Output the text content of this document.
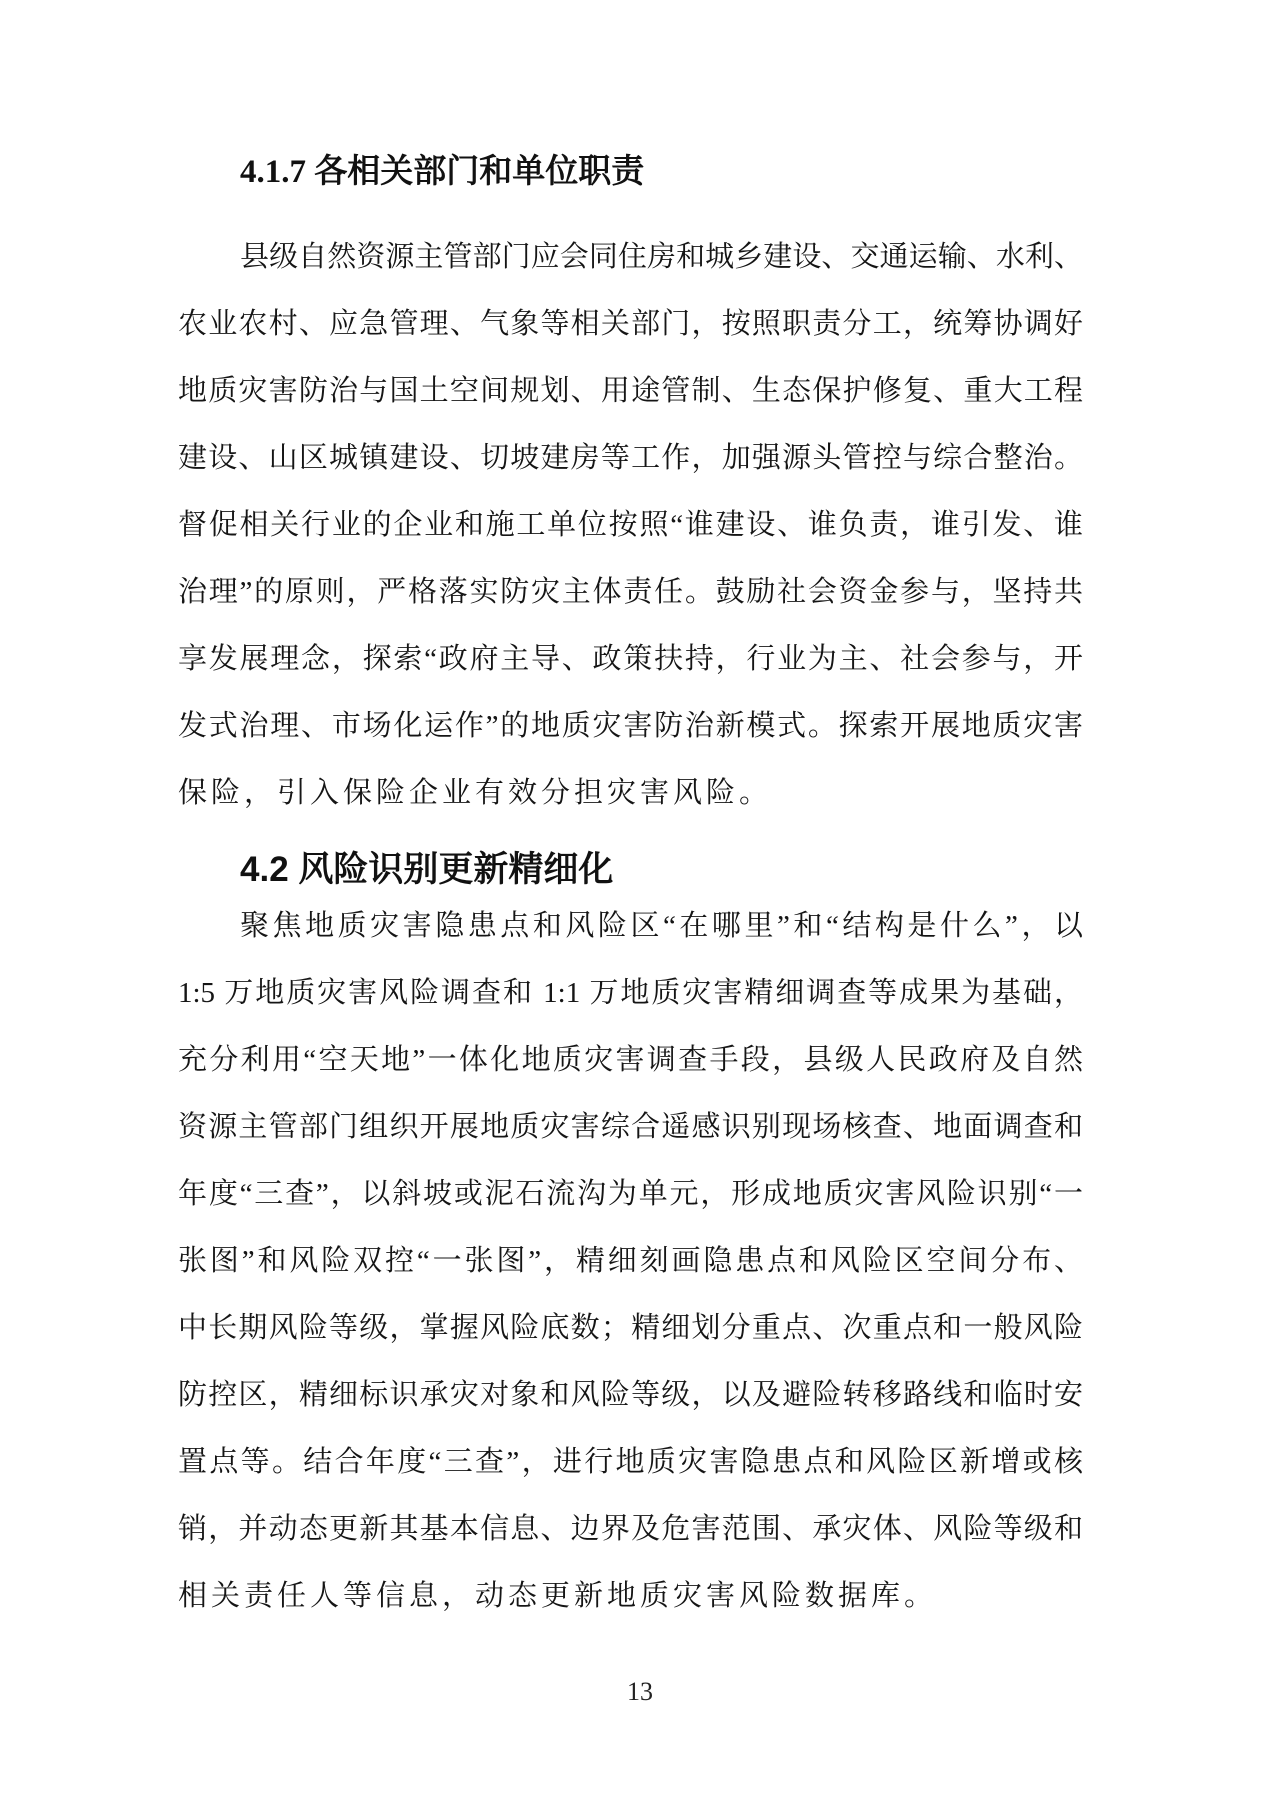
4.1.7 各相关部门和单位职责
县级自然资源主管部门应会同住房和城乡建设、交通运输、水利、
农业农村、应急管理、气象等相关部门，按照职责分工，统筹协调好
地质灾害防治与国土空间规划、用途管制、生态保护修复、重大工程
建设、山区城镇建设、切坡建房等工作，加强源头管控与综合整治。
督促相关行业的企业和施工单位按照“谁建设、谁负责，谁引发、谁
治理”的原则，严格落实防灾主体责任。鼓励社会资金参与，坚持共
享发展理念，探索“政府主导、政策扶持，行业为主、社会参与，开
发式治理、市场化运作”的地质灾害防治新模式。探索开展地质灾害
保险，引入保险企业有效分担灾害风险。
4.2 风险识别更新精细化
聚焦地质灾害隐患点和风险区“在哪里”和“结构是什么”，以
1:5 万地质灾害风险调查和 1:1 万地质灾害精细调查等成果为基础，
充分利用“空天地”一体化地质灾害调查手段，县级人民政府及自然
资源主管部门组织开展地质灾害综合遥感识别现场核查、地面调查和
年度“三查”，以斜坡或泥石流沟为单元，形成地质灾害风险识别“一
张图”和风险双控“一张图”，精细刻画隐患点和风险区空间分布、
中长期风险等级，掌握风险底数；精细划分重点、次重点和一般风险
防控区，精细标识承灾对象和风险等级，以及避险转移路线和临时安
置点等。结合年度“三查”，进行地质灾害隐患点和风险区新增或核
销，并动态更新其基本信息、边界及危害范围、承灾体、风险等级和
相关责任人等信息，动态更新地质灾害风险数据库。
13
